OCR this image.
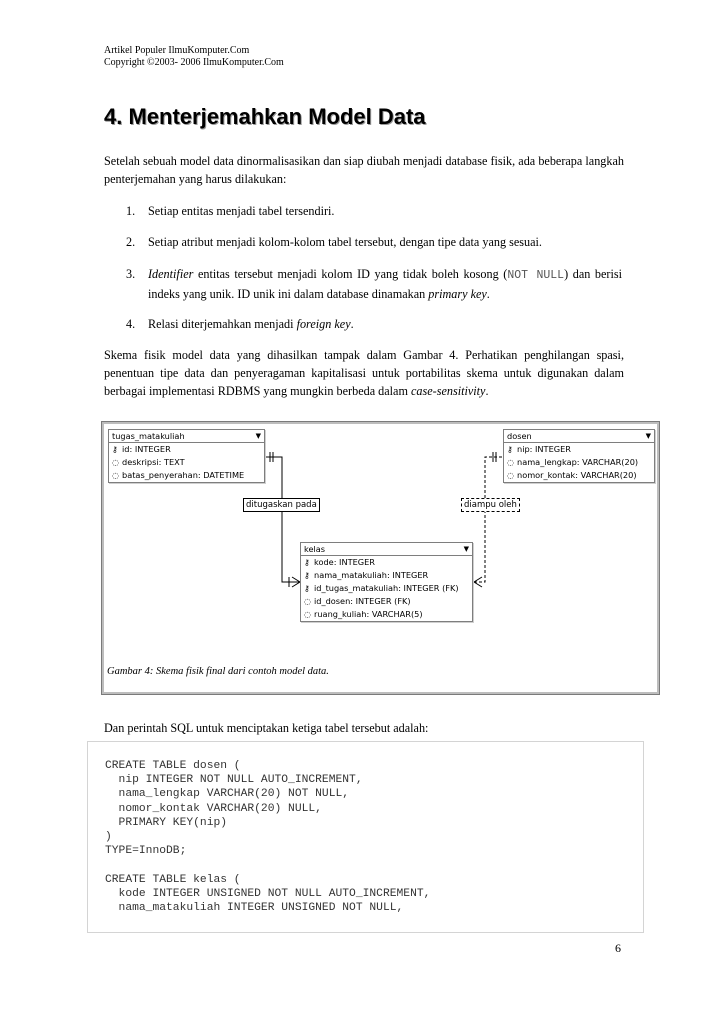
Artikel Populer IlmuKomputer.Com
Copyright ©2003- 2006 IlmuKomputer.Com
4. Menterjemahkan Model Data

Setelah sebuah model data dinormalisasikan dan siap diubah menjadi database fisik, ada beberapa langkah penterjemahan yang harus dilakukan:

1. Setiap entitas menjadi tabel tersendiri.
2. Setiap atribut menjadi kolom-kolom tabel tersebut, dengan tipe data yang sesuai.
3. Identifier entitas tersebut menjadi kolom ID yang tidak boleh kosong (NOT NULL) dan berisi indeks yang unik. ID unik ini dalam database dinamakan primary key.
4. Relasi diterjemahkan menjadi foreign key.

Skema fisik model data yang dihasilkan tampak dalam Gambar 4. Perhatikan penghilangan spasi, penentuan tipe data dan penyeragaman kapitalisasi untuk portabilitas skema untuk digunakan dalam berbagai implementasi RDBMS yang mungkin berbeda dalam case-sensitivity.

tugas_matakuliah	▼
⚷ id: INTEGER
◌ deskripsi: TEXT
◌ batas_penyerahan: DATETIME
dosen	▼
⚷ nip: INTEGER
◌ nama_lengkap: VARCHAR(20)
◌ nomor_kontak: VARCHAR(20)
kelas	▼
⚷ kode: INTEGER
⚷ nama_matakuliah: INTEGER
⚷ id_tugas_matakuliah: INTEGER (FK)
◌ id_dosen: INTEGER (FK)
◌ ruang_kuliah: VARCHAR(5)
ditugaskan pada	diampu oleh
Gambar 4: Skema fisik final dari contoh model data.

Dan perintah SQL untuk menciptakan ketiga tabel tersebut adalah:

CREATE TABLE dosen (
nip INTEGER NOT NULL AUTO_INCREMENT,
nama_lengkap VARCHAR(20) NOT NULL,
nomor_kontak VARCHAR(20) NULL,
PRIMARY KEY(nip)
)
TYPE=InnoDB;

CREATE TABLE kelas (
kode INTEGER UNSIGNED NOT NULL AUTO_INCREMENT,
nama_matakuliah INTEGER UNSIGNED NOT NULL,
6
